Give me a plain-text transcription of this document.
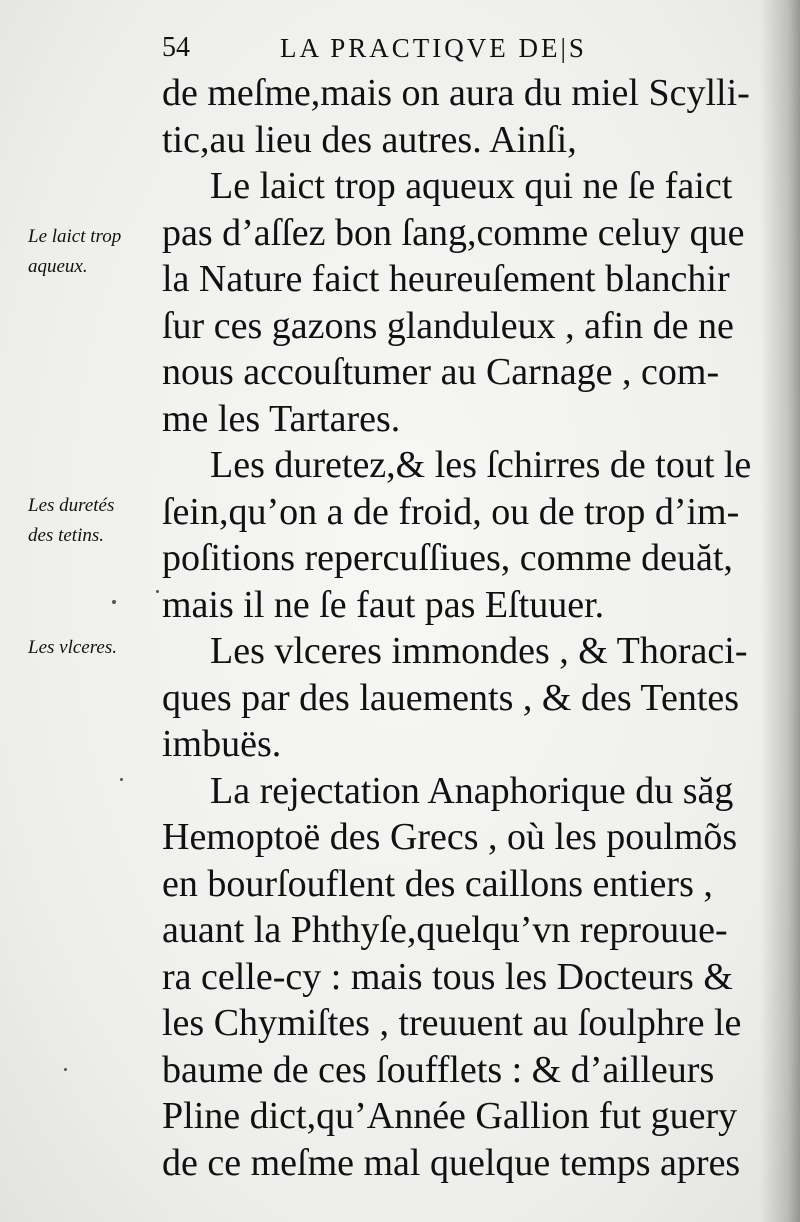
54	LA PRACTIQVE DE|S
Le laict trop
aqueux.
Les duretés
des tetins.
Les vlceres.
de meſme,mais on aura du miel Scylli-
tic,au lieu des autres. Ainſi,
Le laict trop aqueux qui ne ſe faict
pas d’aſſez bon ſang,comme celuy que
la Nature faict heureuſement blanchir
ſur ces gazons glanduleux , afin de ne
nous accouſtumer au Carnage , com-
me les Tartares.
Les duretez,& les ſchirres de tout le
ſein,qu’on a de froid, ou de trop d’im-
poſitions repercuſſiues, comme deuăt,
mais il ne ſe faut pas Eſtuuer.
Les vlceres immondes , & Thoraci-
ques par des lauements , & des Tentes
imbuës.
La rejectation Anaphorique du săg
Hemoptoë des Grecs , où les poulmõs
en bourſouflent des caillons entiers ,
auant la Phthyſe,quelqu’vn reprouue-
ra celle-cy : mais tous les Docteurs &
les Chymiſtes , treuuent au ſoulphre le
baume de ces ſoufflets : & d’ailleurs
Pline dict,qu’Année Gallion fut guery
de ce meſme mal quelque temps apres
